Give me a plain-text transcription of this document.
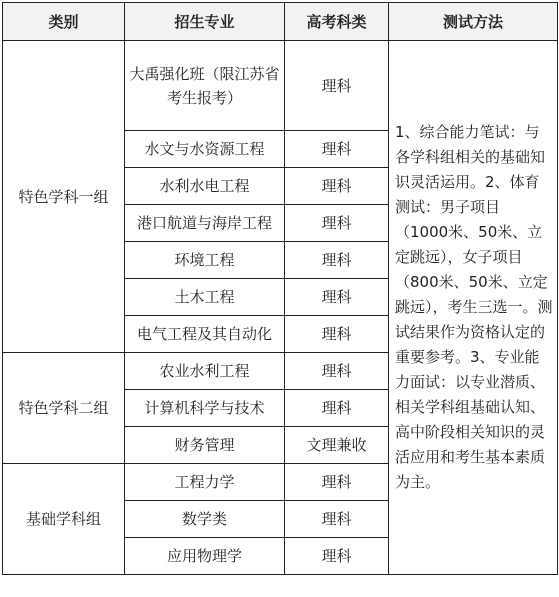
类别	招生专业	高考科类	测试方法
特色学科一组	大禹强化班（限江苏省考生报考）	理科	1、综合能力笔试：与各学科组相关的基础知识灵活运用。2、体育测试：男子项目（1000米、50米、立定跳远），女子项目（800米、50米、立定跳远），考生三选一。测试结果作为资格认定的重要参考。3、专业能力面试：以专业潜质、相关学科组基础认知、高中阶段相关知识的灵活应用和考生基本素质为主。
	水文与水资源工程	理科	
	水利水电工程	理科	
	港口航道与海岸工程	理科	
	环境工程	理科	
	土木工程	理科	
	电气工程及其自动化	理科	
特色学科二组	农业水利工程	理科	
	计算机科学与技术	理科	
	财务管理	文理兼收	
基础学科组	工程力学	理科	
	数学类	理科	
	应用物理学	理科	
